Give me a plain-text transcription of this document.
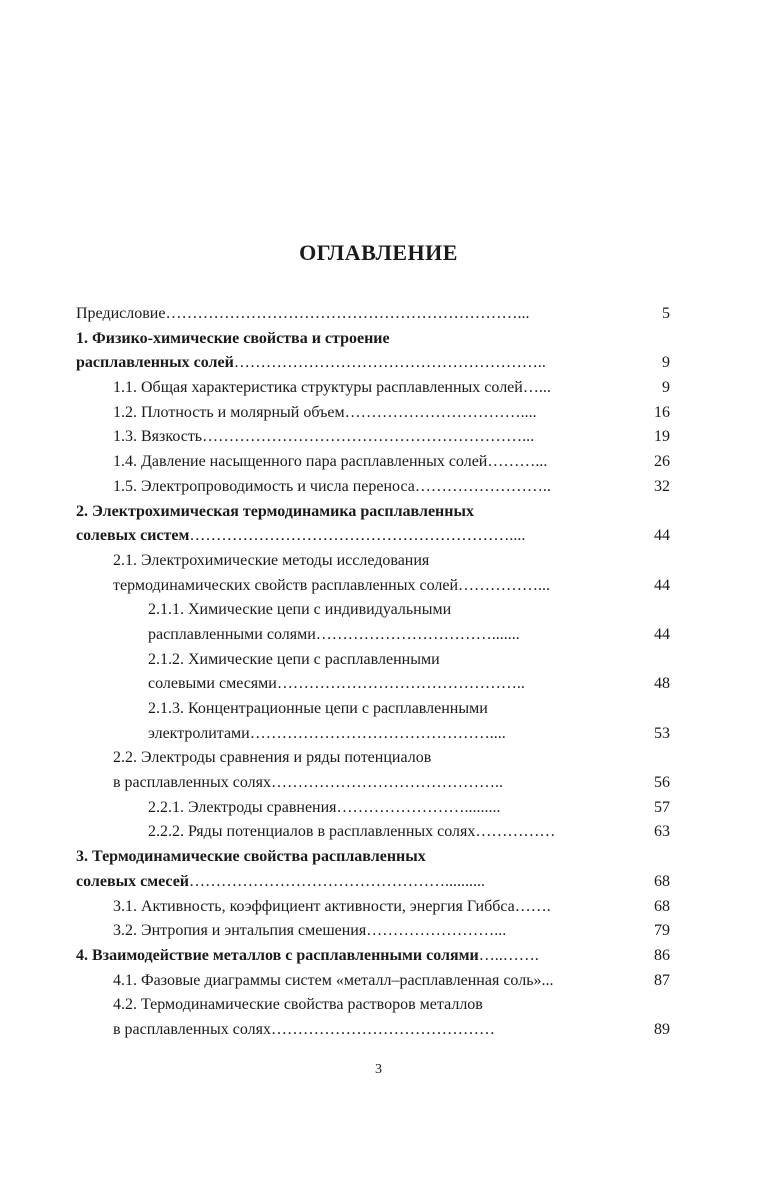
ОГЛАВЛЕНИЕ
Предисловие…………………………………………………………...	5
1. Физико-химические свойства и строение
расплавленных солей…………………………………………………..	9
1.1. Общая характеристика структуры расплавленных солей…...	9
1.2. Плотность и молярный объем……………………………....	16
1.3. Вязкость……………………………………………………...	19
1.4. Давление насыщенного пара расплавленных солей………...	26
1.5. Электропроводимость и числа переноса……………………..	32
2. Электрохимическая термодинамика расплавленных
солевых систем……………………………………………………....	44
2.1. Электрохимические методы исследования
термодинамических свойств расплавленных солей……………...	44
2.1.1. Химические цепи с индивидуальными
расплавленными солями…………………………….......	44
2.1.2. Химические цепи с расплавленными
солевыми смесями………………………………………..	48
2.1.3. Концентрационные цепи с расплавленными
электролитами………………………………………....	53
2.2. Электроды сравнения и ряды потенциалов
в расплавленных солях……………………………………..	56
2.2.1. Электроды сравнения…………………….........	57
2.2.2. Ряды потенциалов в расплавленных солях……………	63
3. Термодинамические свойства расплавленных
солевых смесей…………………………………………..........	68
3.1. Активность, коэффициент активности, энергия Гиббса…….	68
3.2. Энтропия и энтальпия смешения……………………...	79
4. Взаимодействие металлов с расплавленными солями…..…….	86
4.1. Фазовые диаграммы систем «металл–расплавленная соль»...	87
4.2. Термодинамические свойства растворов металлов
в расплавленных солях……………………………………	89
3
